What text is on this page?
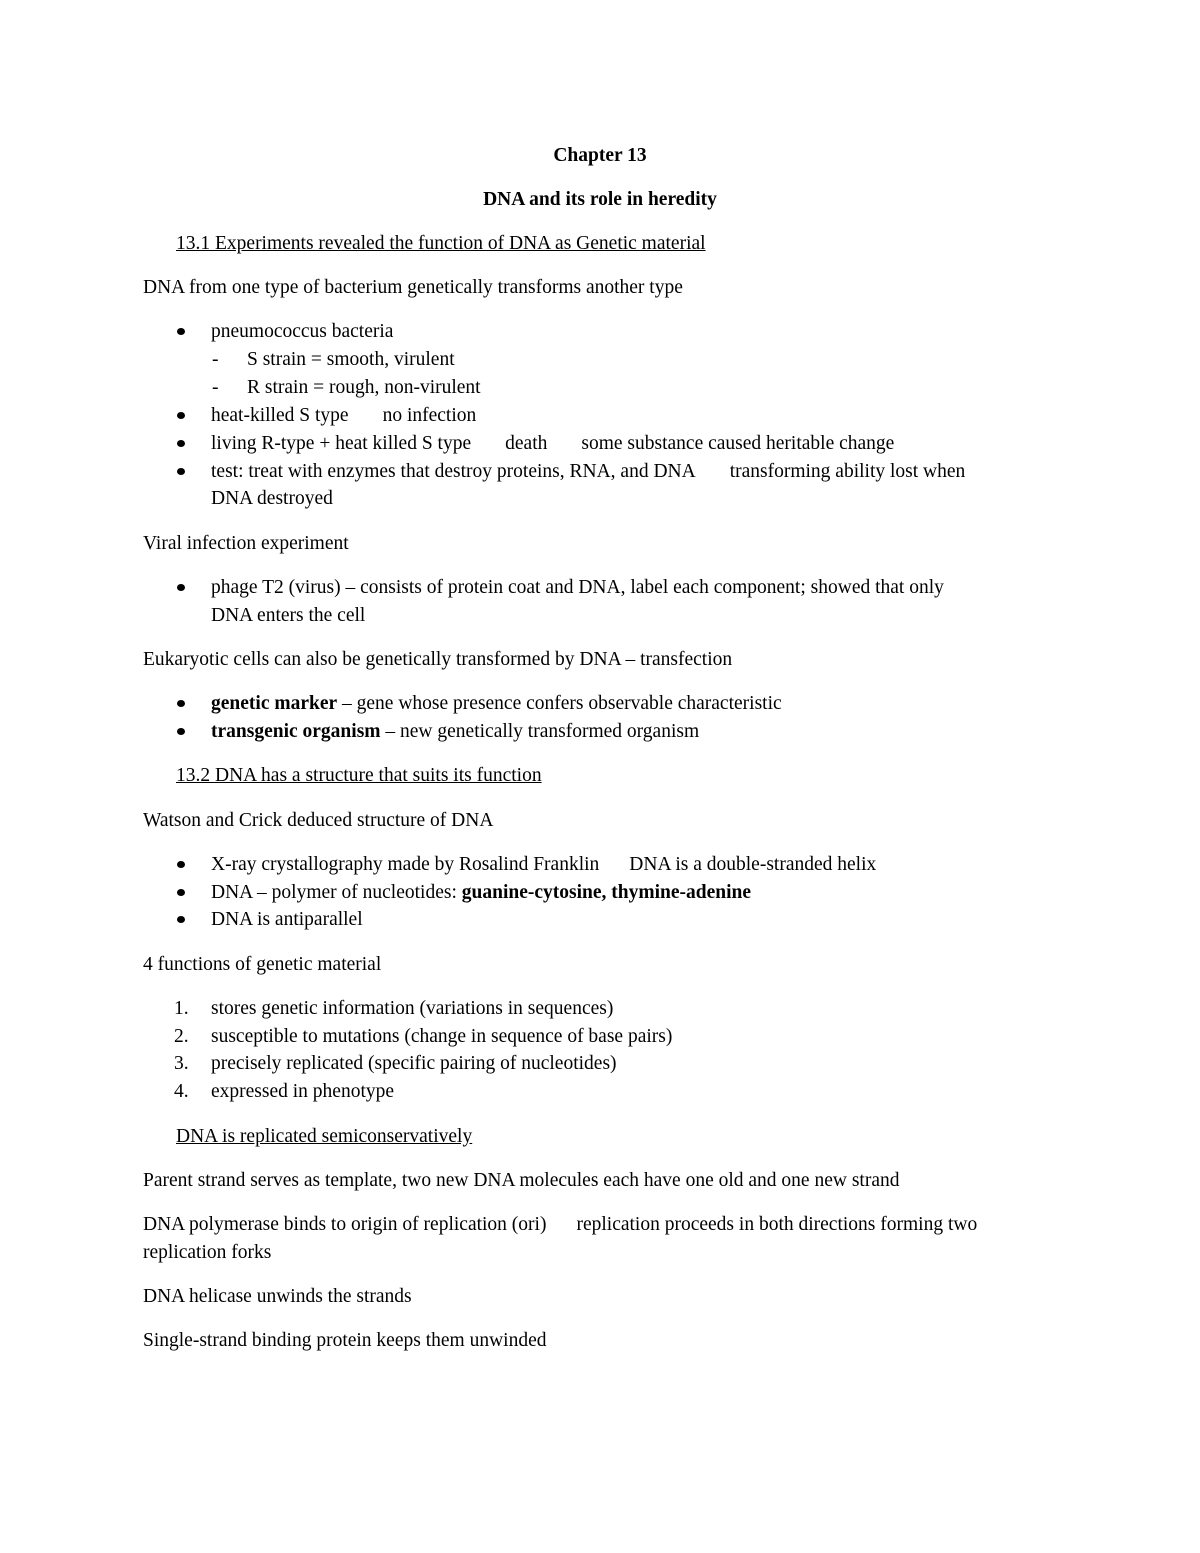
Chapter 13
DNA and its role in heredity
13.1 Experiments revealed the function of DNA as Genetic material
DNA from one type of bacterium genetically transforms another type
pneumococcus bacteria
- S strain = smooth, virulent
- R strain = rough, non-virulent
heat-killed S type no infection
living R-type + heat killed S type death some substance caused heritable change
test: treat with enzymes that destroy proteins, RNA, and DNA transforming ability lost when
DNA destroyed
Viral infection experiment
phage T2 (virus) – consists of protein coat and DNA, label each component; showed that only
DNA enters the cell
Eukaryotic cells can also be genetically transformed by DNA – transfection
genetic marker – gene whose presence confers observable characteristic
transgenic organism – new genetically transformed organism
13.2 DNA has a structure that suits its function
Watson and Crick deduced structure of DNA
X-ray crystallography made by Rosalind Franklin DNA is a double-stranded helix
DNA – polymer of nucleotides: guanine-cytosine, thymine-adenine
DNA is antiparallel
4 functions of genetic material
1. stores genetic information (variations in sequences)
2. susceptible to mutations (change in sequence of base pairs)
3. precisely replicated (specific pairing of nucleotides)
4. expressed in phenotype
DNA is replicated semiconservatively
Parent strand serves as template, two new DNA molecules each have one old and one new strand
DNA polymerase binds to origin of replication (ori) replication proceeds in both directions forming two
replication forks
DNA helicase unwinds the strands
Single-strand binding protein keeps them unwinded
